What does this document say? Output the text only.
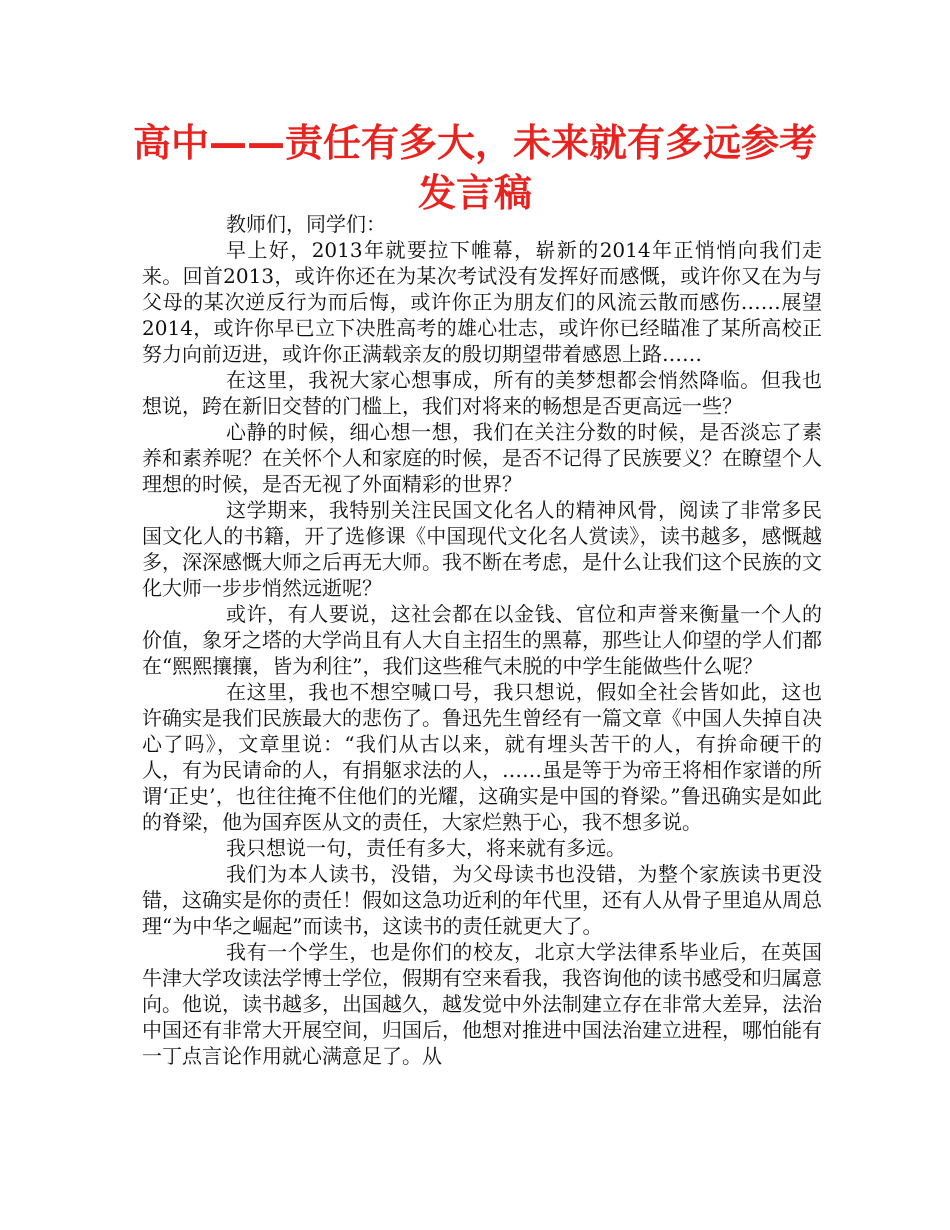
高中——责任有多大，未来就有多远参考发言稿

教师们，同学们：

早上好，2013年就要拉下帷幕，崭新的2014年正悄悄向我们走来。回首2013，或许你还在为某次考试没有发挥好而感慨，或许你又在为与父母的某次逆反行为而后悔，或许你正为朋友们的风流云散而感伤……展望2014，或许你早已立下决胜高考的雄心壮志，或许你已经瞄准了某所高校正努力向前迈进，或许你正满载亲友的殷切期望带着感恩上路……

在这里，我祝大家心想事成，所有的美梦想都会悄然降临。但我也想说，跨在新旧交替的门槛上，我们对将来的畅想是否更高远一些？

心静的时候，细心想一想，我们在关注分数的时候，是否淡忘了素养和素养呢？在关怀个人和家庭的时候，是否不记得了民族要义？在瞭望个人理想的时候，是否无视了外面精彩的世界？

这学期来，我特别关注民国文化名人的精神风骨，阅读了非常多民国文化人的书籍，开了选修课《中国现代文化名人赏读》，读书越多，感慨越多，深深感慨大师之后再无大师。我不断在考虑，是什么让我们这个民族的文化大师一步步悄然远逝呢？

或许，有人要说，这社会都在以金钱、官位和声誉来衡量一个人的价值，象牙之塔的大学尚且有人大自主招生的黑幕，那些让人仰望的学人们都在“熙熙攘攘，皆为利往”，我们这些稚气未脱的中学生能做些什么呢？

在这里，我也不想空喊口号，我只想说，假如全社会皆如此，这也许确实是我们民族最大的悲伤了。鲁迅先生曾经有一篇文章《中国人失掉自决心了吗》，文章里说：“我们从古以来，就有埋头苦干的人，有拚命硬干的人，有为民请命的人，有捐躯求法的人，……虽是等于为帝王将相作家谱的所谓‘正史’，也往往掩不住他们的光耀，这确实是中国的脊梁。”鲁迅确实是如此的脊梁，他为国弃医从文的责任，大家烂熟于心，我不想多说。

我只想说一句，责任有多大，将来就有多远。

我们为本人读书，没错，为父母读书也没错，为整个家族读书更没错，这确实是你的责任！假如这急功近利的年代里，还有人从骨子里追从周总理“为中华之崛起”而读书，这读书的责任就更大了。

我有一个学生，也是你们的校友，北京大学法律系毕业后，在英国牛津大学攻读法学博士学位，假期有空来看我，我咨询他的读书感受和归属意向。他说，读书越多，出国越久，越发觉中外法制建立存在非常大差异，法治中国还有非常大开展空间，归国后，他想对推进中国法治建立进程，哪怕能有一丁点言论作用就心满意足了。从
